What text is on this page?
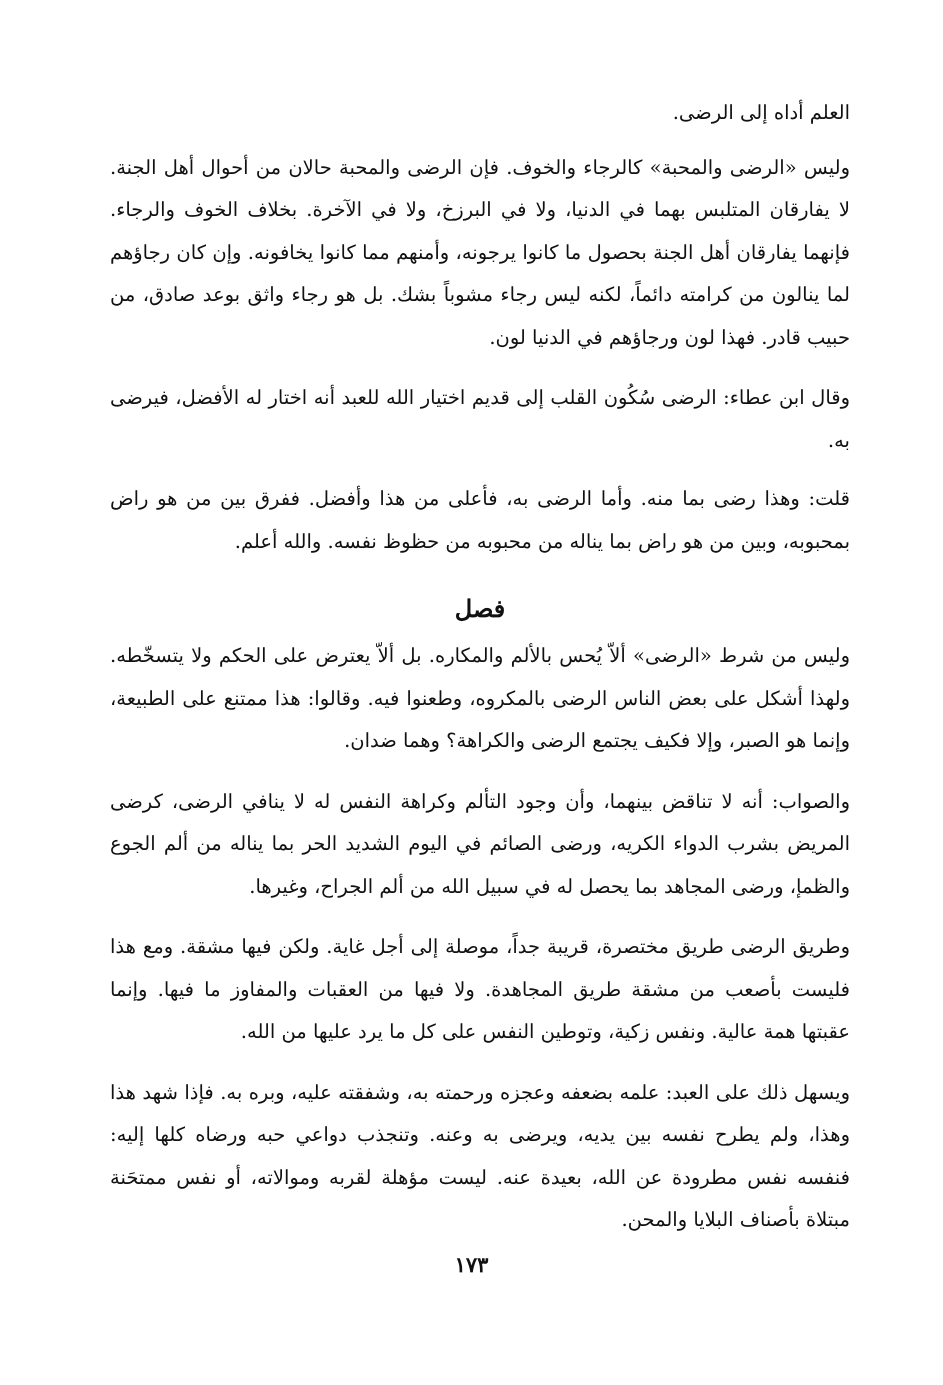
العلم أداه إلى الرضى.

وليس «الرضى والمحبة» كالرجاء والخوف. فإن الرضى والمحبة حالان من أحوال أهل الجنة. لا يفارقان المتلبس بهما في الدنيا، ولا في البرزخ، ولا في الآخرة. بخلاف الخوف والرجاء. فإنهما يفارقان أهل الجنة بحصول ما كانوا يرجونه، وأمنهم مما كانوا يخافونه. وإن كان رجاؤهم لما ينالون من كرامته دائماً، لكنه ليس رجاء مشوباً بشك. بل هو رجاء واثق بوعد صادق، من حبيب قادر. فهذا لون ورجاؤهم في الدنيا لون.

وقال ابن عطاء: الرضى سُكُون القلب إلى قديم اختيار الله للعبد أنه اختار له الأفضل، فيرضى به.

قلت: وهذا رضى بما منه. وأما الرضى به، فأعلى من هذا وأفضل. ففرق بين من هو راض بمحبوبه، وبين من هو راض بما يناله من محبوبه من حظوظ نفسه. والله أعلم.

فصل

وليس من شرط «الرضى» ألاّ يُحس بالألم والمكاره. بل ألاّ يعترض على الحكم ولا يتسخّطه. ولهذا أشكل على بعض الناس الرضى بالمكروه، وطعنوا فيه. وقالوا: هذا ممتنع على الطبيعة، وإنما هو الصبر، وإلا فكيف يجتمع الرضى والكراهة؟ وهما ضدان.

والصواب: أنه لا تناقض بينهما، وأن وجود التألم وكراهة النفس له لا ينافي الرضى، كرضى المريض بشرب الدواء الكريه، ورضى الصائم في اليوم الشديد الحر بما يناله من ألم الجوع والظمإ، ورضى المجاهد بما يحصل له في سبيل الله من ألم الجراح، وغيرها.

وطريق الرضى طريق مختصرة، قريبة جداً، موصلة إلى أجل غاية. ولكن فيها مشقة. ومع هذا فليست بأصعب من مشقة طريق المجاهدة. ولا فيها من العقبات والمفاوز ما فيها. وإنما عقبتها همة عالية. ونفس زكية، وتوطين النفس على كل ما يرد عليها من الله.

ويسهل ذلك على العبد: علمه بضعفه وعجزه ورحمته به، وشفقته عليه، وبره به. فإذا شهد هذا وهذا، ولم يطرح نفسه بين يديه، ويرضى به وعنه. وتنجذب دواعي حبه ورضاه كلها إليه: فنفسه نفس مطرودة عن الله، بعيدة عنه. ليست مؤهلة لقربه وموالاته، أو نفس ممتحَنة مبتلاة بأصناف البلايا والمحن.

١٧٣
